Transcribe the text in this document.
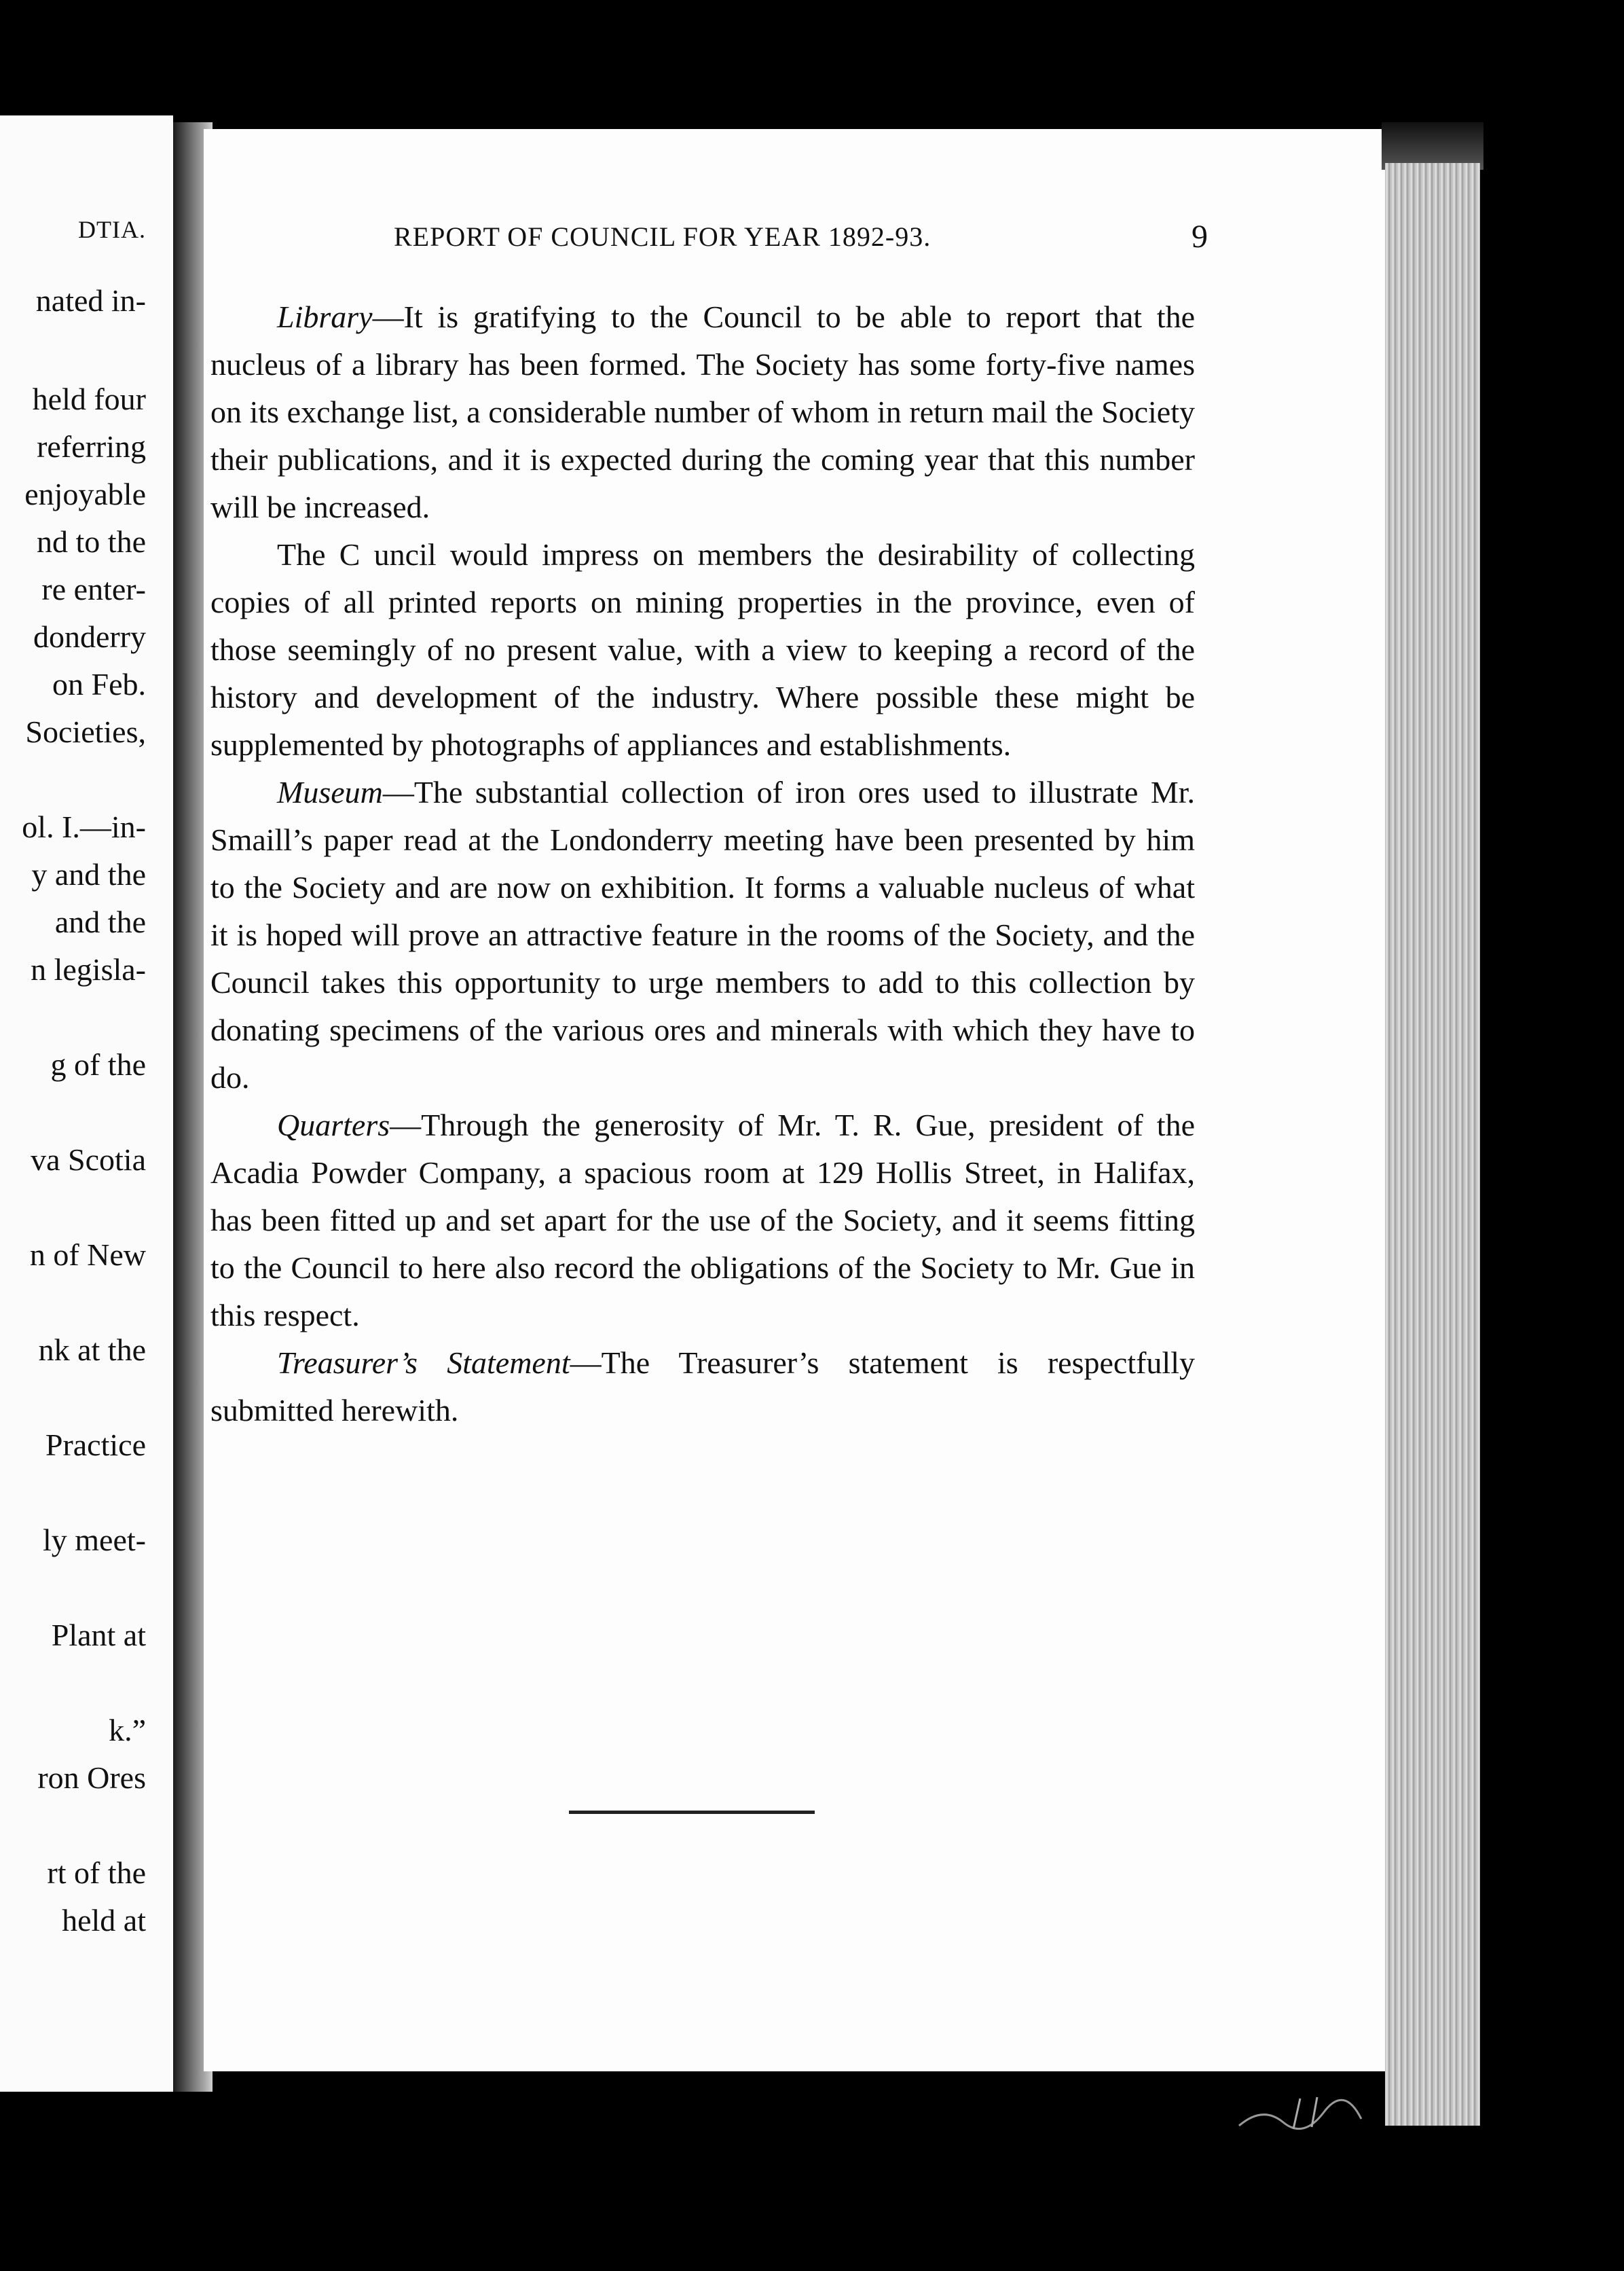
DTIA.
nated in-
held four
referring
enjoyable
nd to the
re enter-
donderry
on Feb.
Societies,
ol. I.—in-
y and the
and the
n legisla-
g of the
va Scotia
n of New
nk at the
Practice
ly meet-
Plant at
k.”
ron Ores
rt of the
held at
REPORT OF COUNCIL FOR YEAR 1892-93.	9

Library—It is gratifying to the Council to be able to report that the nucleus of a library has been formed. The Society has some forty-five names on its exchange list, a considerable number of whom in return mail the Society their publications, and it is expected during the coming year that this number will be increased.

The C uncil would impress on members the desirability of collecting copies of all printed reports on mining properties in the province, even of those seemingly of no present value, with a view to keeping a record of the history and development of the industry. Where possible these might be supplemented by photographs of appliances and establishments.

Museum—The substantial collection of iron ores used to illustrate Mr. Smaill’s paper read at the Londonderry meeting have been presented by him to the Society and are now on exhibition. It forms a valuable nucleus of what it is hoped will prove an attractive feature in the rooms of the Society, and the Council takes this opportunity to urge members to add to this collection by donating specimens of the various ores and minerals with which they have to do.

Quarters—Through the generosity of Mr. T. R. Gue, president of the Acadia Powder Company, a spacious room at 129 Hollis Street, in Halifax, has been fitted up and set apart for the use of the Society, and it seems fitting to the Council to here also record the obligations of the Society to Mr. Gue in this respect.

Treasurer’s Statement—The Treasurer’s statement is respectfully submitted herewith.
